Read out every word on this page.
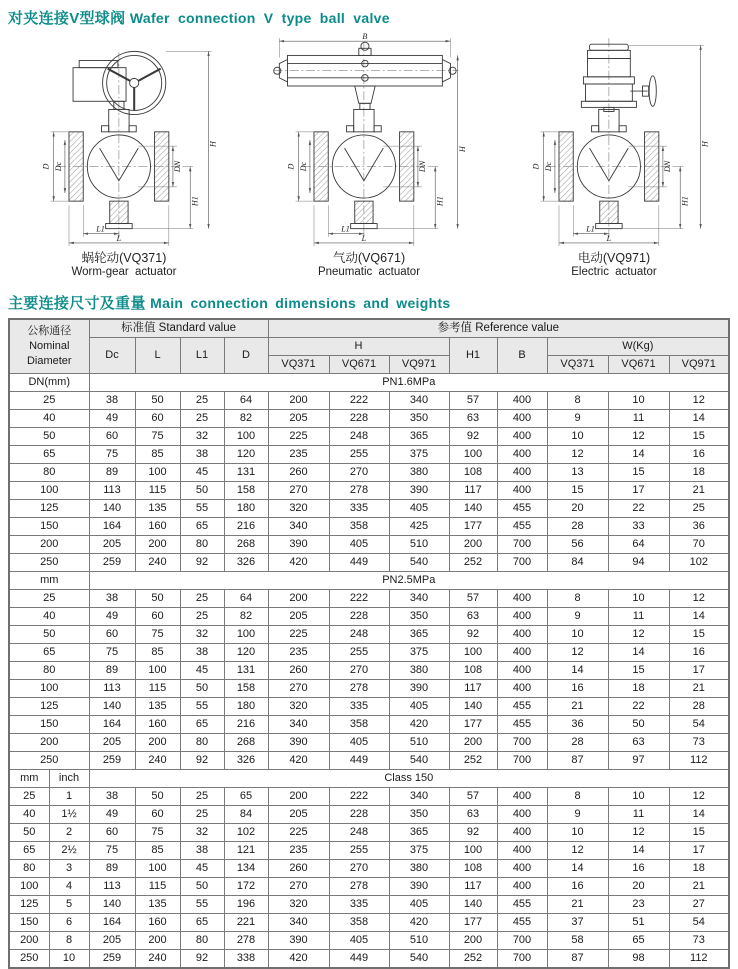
对夹连接V型球阀 Wafer connection V type ball valve
D Dc	DN
H1
H
L1
L
蜗轮动(VQ371)
Worm-gear actuator
B
D Dc	DN
H1
H
L1
L
气动(VQ671)
Pneumatic actuator
D Dc	DN
H1
H
L1
L
电动(VQ971)
Electric actuator
主要连接尺寸及重量 Main connection dimensions and weights
公称通径
Nominal
Diameter		标准值 Standard value				参考值 Reference value							
		Dc	L	L1	D	H			H1	B	W(Kg)		
						VQ371	VQ671	VQ971			VQ371	VQ671	VQ971
DN(mm)		PN1.6MPa											
25		38	50	25	64	200	222	340	57	400	8	10	12
40		49	60	25	82	205	228	350	63	400	9	11	14
50		60	75	32	100	225	248	365	92	400	10	12	15
65		75	85	38	120	235	255	375	100	400	12	14	16
80		89	100	45	131	260	270	380	108	400	13	15	18
100		113	115	50	158	270	278	390	117	400	15	17	21
125		140	135	55	180	320	335	405	140	455	20	22	25
150		164	160	65	216	340	358	425	177	455	28	33	36
200		205	200	80	268	390	405	510	200	700	56	64	70
250		259	240	92	326	420	449	540	252	700	84	94	102
mm		PN2.5MPa											
25		38	50	25	64	200	222	340	57	400	8	10	12
40		49	60	25	82	205	228	350	63	400	9	11	14
50		60	75	32	100	225	248	365	92	400	10	12	15
65		75	85	38	120	235	255	375	100	400	12	14	16
80		89	100	45	131	260	270	380	108	400	14	15	17
100		113	115	50	158	270	278	390	117	400	16	18	21
125		140	135	55	180	320	335	405	140	455	21	22	28
150		164	160	65	216	340	358	420	177	455	36	50	54
200		205	200	80	268	390	405	510	200	700	28	63	73
250		259	240	92	326	420	449	540	252	700	87	97	112
mm	inch	Class 150											
25	1	38	50	25	65	200	222	340	57	400	8	10	12
40	1½	49	60	25	84	205	228	350	63	400	9	11	14
50	2	60	75	32	102	225	248	365	92	400	10	12	15
65	2½	75	85	38	121	235	255	375	100	400	12	14	17
80	3	89	100	45	134	260	270	380	108	400	14	16	18
100	4	113	115	50	172	270	278	390	117	400	16	20	21
125	5	140	135	55	196	320	335	405	140	455	21	23	27
150	6	164	160	65	221	340	358	420	177	455	37	51	54
200	8	205	200	80	278	390	405	510	200	700	58	65	73
250	10	259	240	92	338	420	449	540	252	700	87	98	112
